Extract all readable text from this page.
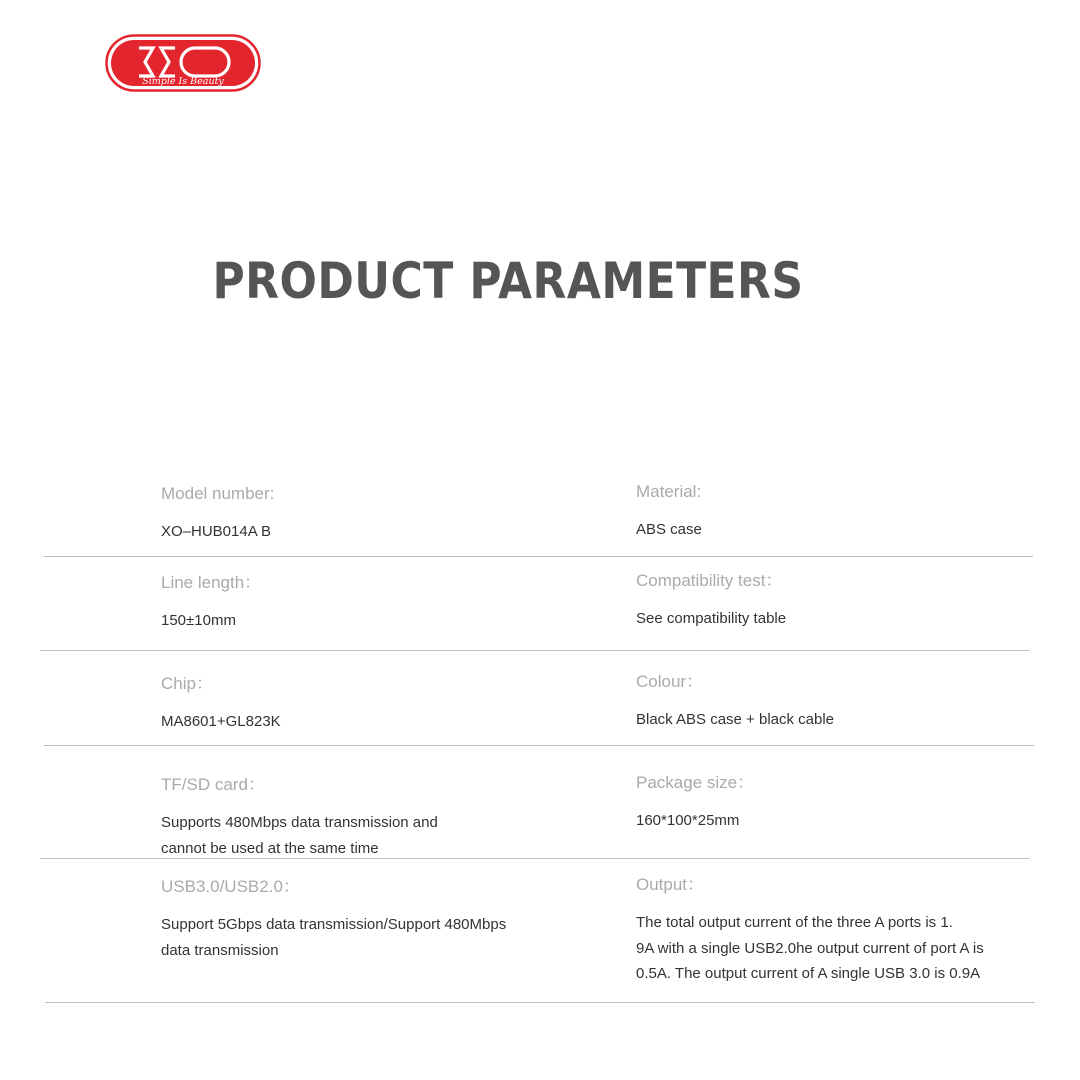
Simple Is Beauty
PRODUCT PARAMETERS
Model number:
XO–HUB014A B
Material:
ABS case
Line length：
150±10mm
Compatibility test：
See compatibility table
Chip：
MA8601+GL823K
Colour：
Black ABS case + black cable
TF/SD card：
Supports 480Mbps data transmission and
cannot be used at the same time
Package size：
160*100*25mm
USB3.0/USB2.0：
Support 5Gbps data transmission/Support 480Mbps
data transmission
Output：
The total output current of the three A ports is 1.
9A with a single USB2.0he output current of port A is
0.5A. The output current of A single USB 3.0 is 0.9A
